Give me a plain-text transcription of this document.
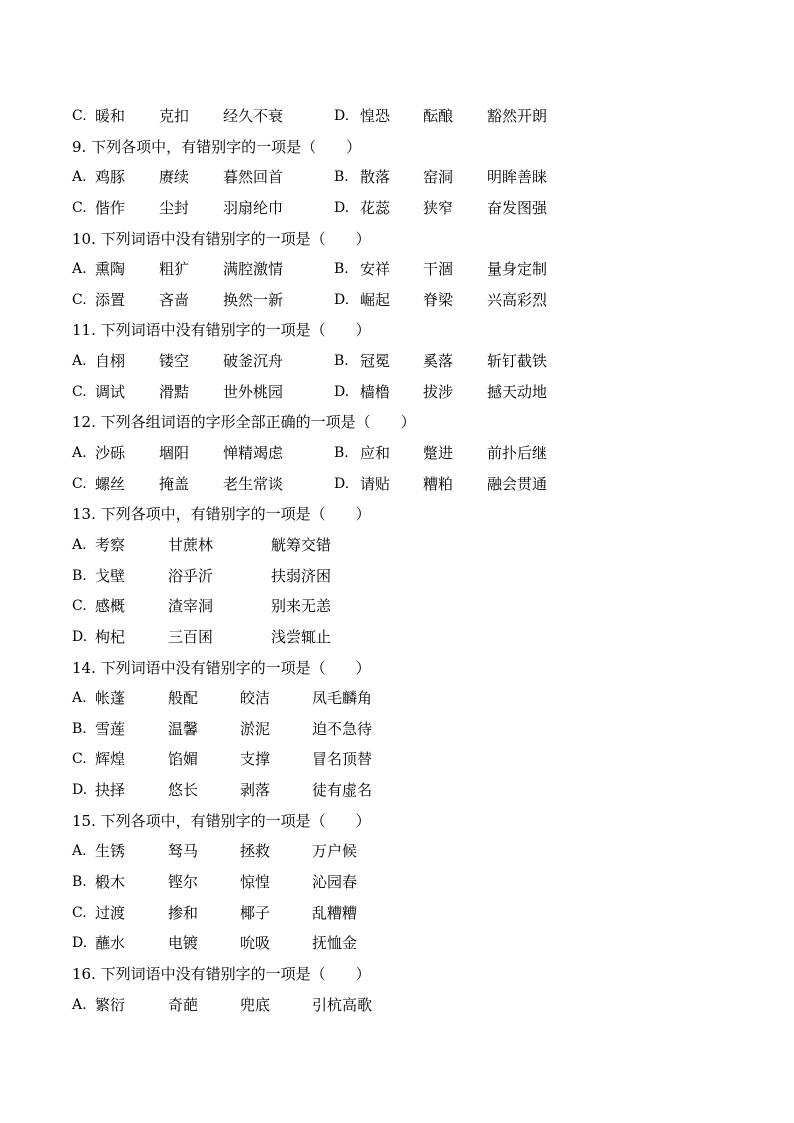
C. 暖和 克扣 经久不衰	D. 惶恐 酝酿 豁然开朗
9. 下列各项中，有错别字的一项是（　　）
A. 鸡豚 赓续 暮然回首	B. 散落 窑洞 明眸善睐
C. 偕作 尘封 羽扇纶巾	D. 花蕊 狭窄 奋发图强
10. 下列词语中没有错别字的一项是（　　）
A. 熏陶 粗犷 满腔激情	B. 安祥 干涸 量身定制
C. 添置 吝啬 换然一新	D. 崛起 脊梁 兴高彩烈
11. 下列词语中没有错别字的一项是（　　）
A. 自栩 镂空 破釜沉舟	B. 冠冕 奚落 斩钉截铁
C. 调试 滑黠 世外桃园	D. 樯橹 拔涉 撼天动地
12. 下列各组词语的字形全部正确的一项是（　　）
A. 沙砾 堌阳 惮精竭虑	B. 应和 蹩进 前扑后继
C. 螺丝 掩盖 老生常谈	D. 请贴 糟粕 融会贯通
13. 下列各项中，有错别字的一项是（　　）
A. 考察	甘蔗林	觥筹交错
B. 戈壁	浴乎沂	扶弱济困
C. 感概	渣宰洞	别来无恙
D. 枸杞	三百囷	浅尝辄止
14. 下列词语中没有错别字的一项是（　　）
A. 帐蓬	般配	皎洁	凤毛麟角
B. 雪莲	温馨	淤泥	迫不急待
C. 辉煌	馅媚	支撑	冒名顶替
D. 抉择	悠长	剥落	徒有虚名
15. 下列各项中，有错别字的一项是（　　）
A. 生锈	驽马	拯救	万户候
B. 椴木	铿尔	惊惶	沁园春
C. 过渡	掺和	椰子	乱糟糟
D. 蘸水	电镀	吮吸	抚恤金
16. 下列词语中没有错别字的一项是（　　）
A. 繁衍	奇葩	兜底	引杭高歌
